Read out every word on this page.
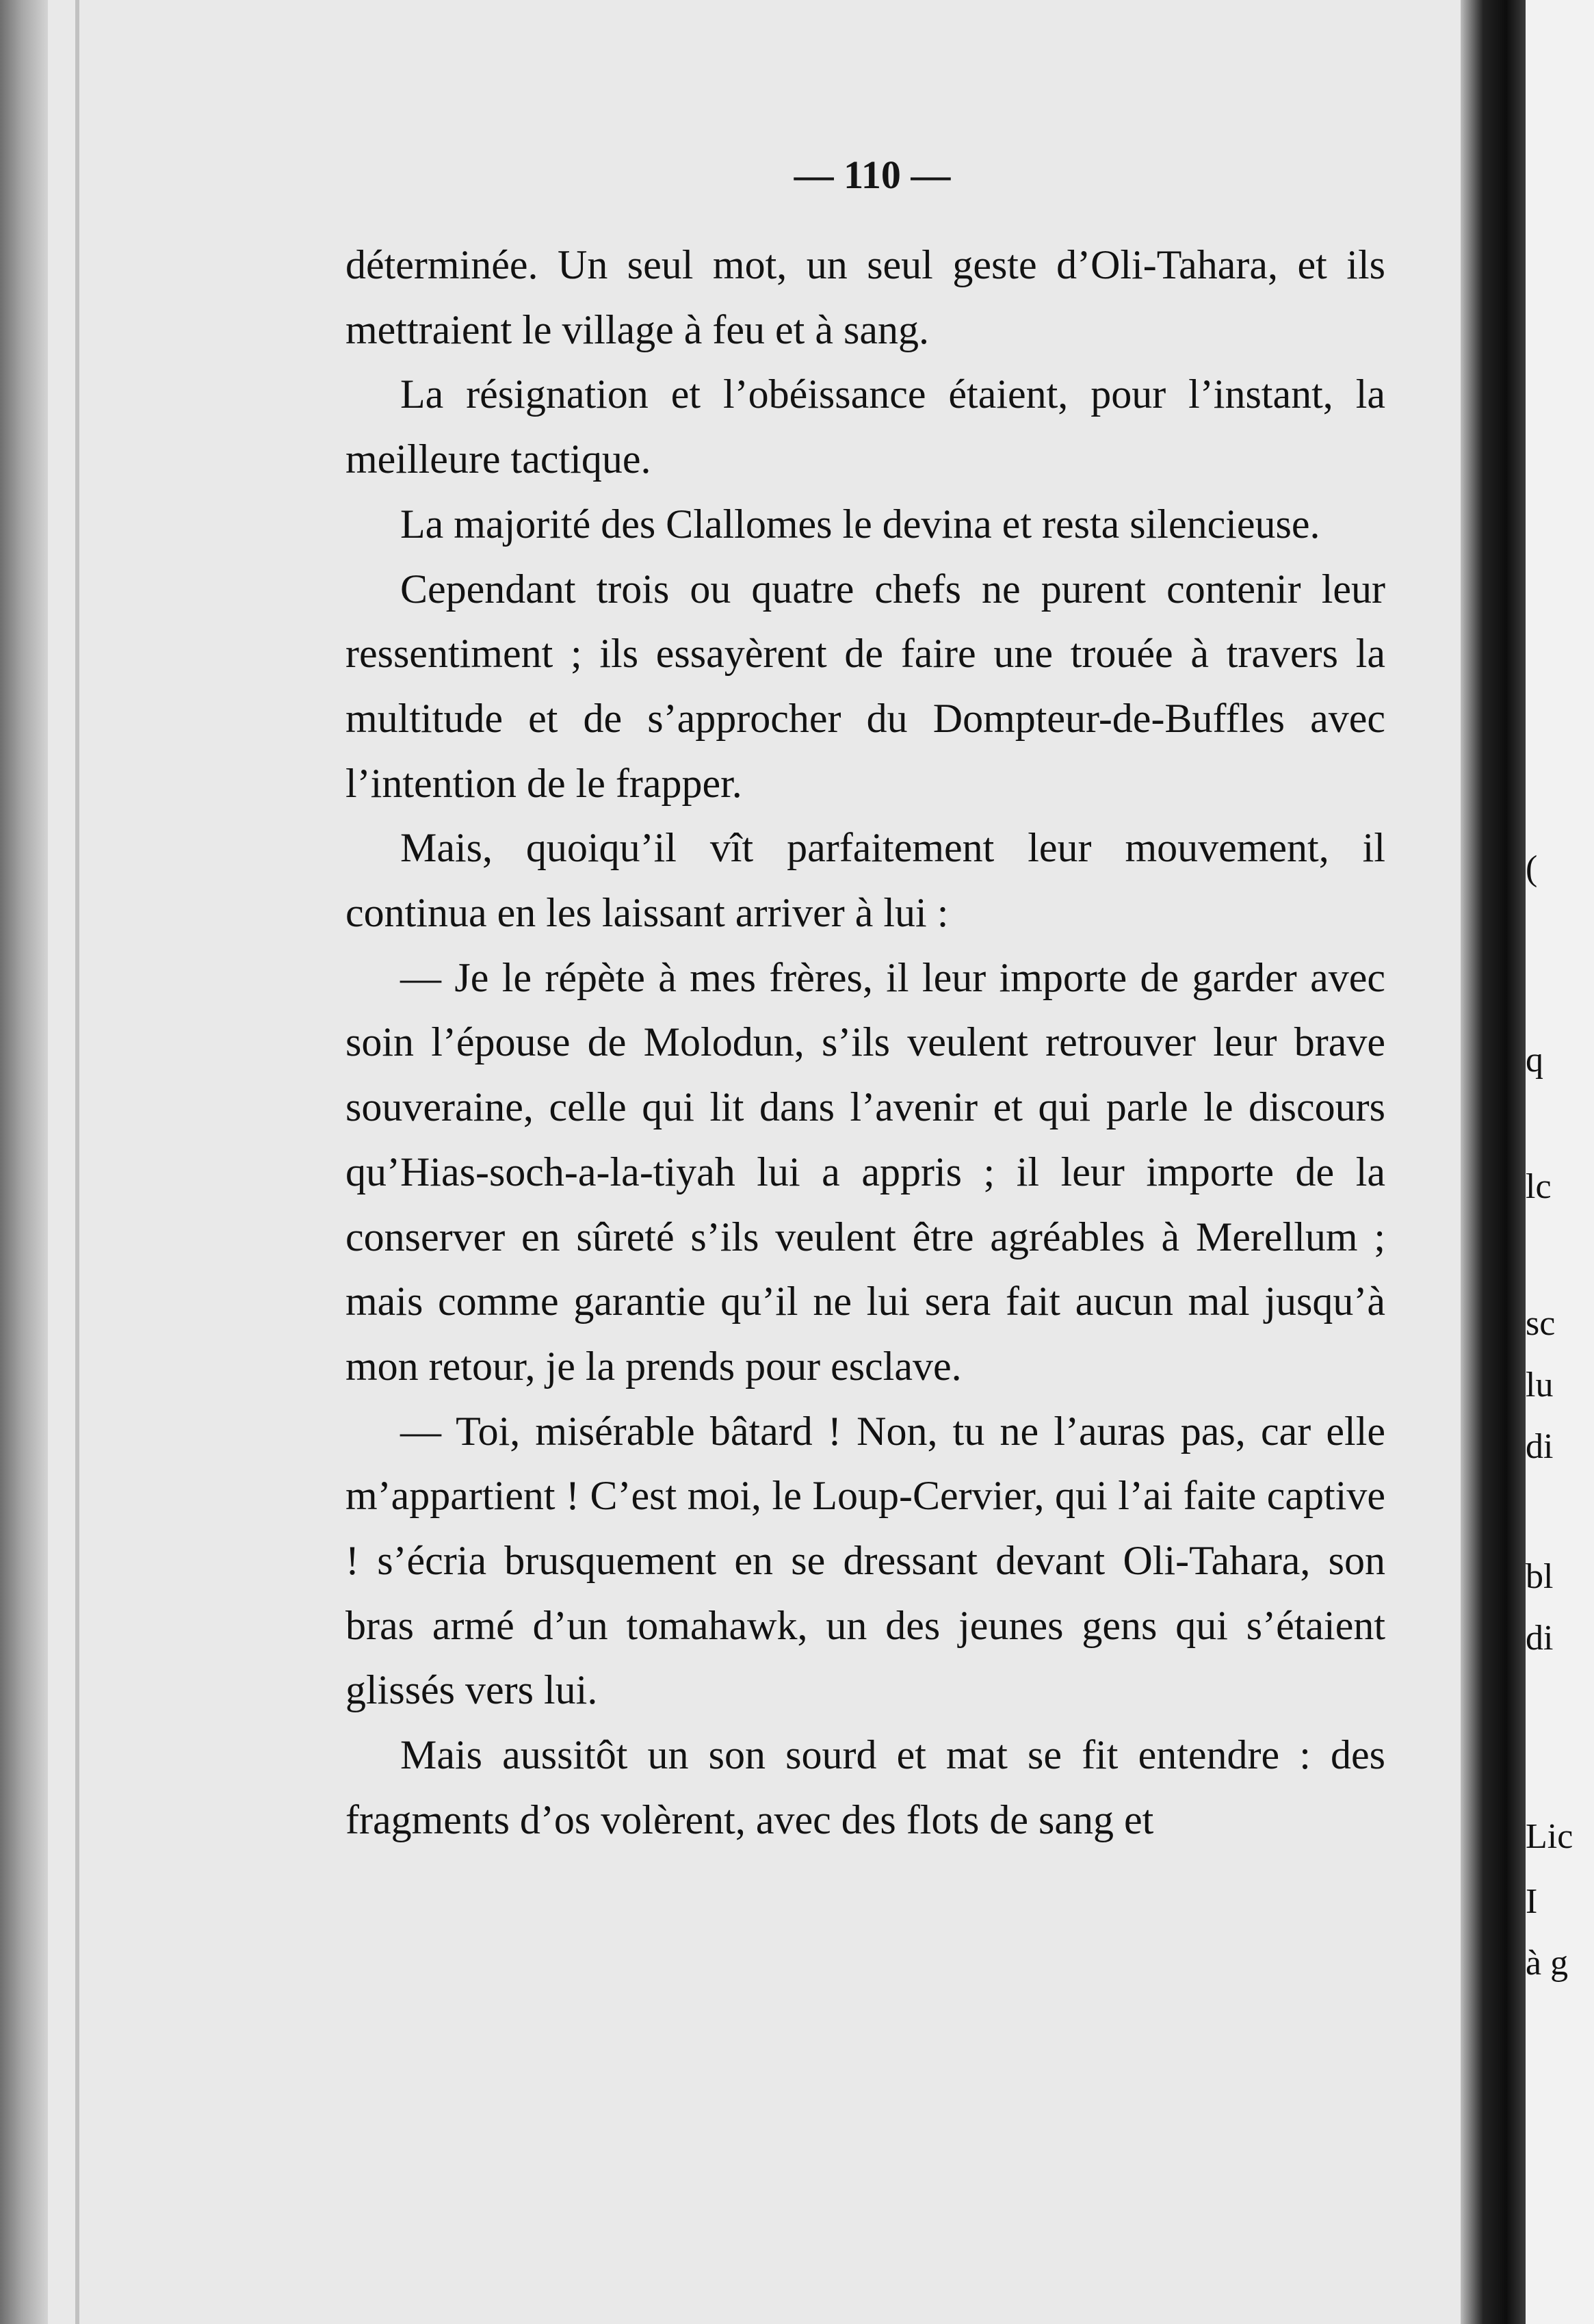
— 110 —

déterminée. Un seul mot, un seul geste d’Oli-Tahara, et ils mettraient le village à feu et à sang.

La résignation et l’obéissance étaient, pour l’instant, la meilleure tactique.

La majorité des Clallomes le devina et resta silencieuse.

Cependant trois ou quatre chefs ne purent contenir leur ressentiment ; ils essayèrent de faire une trouée à travers la multitude et de s’approcher du Dompteur-de-Buffles avec l’intention de le frapper.

Mais, quoiqu’il vît parfaitement leur mouvement, il continua en les laissant arriver à lui :

— Je le répète à mes frères, il leur importe de garder avec soin l’épouse de Molodun, s’ils veulent retrouver leur brave souveraine, celle qui lit dans l’avenir et qui parle le discours qu’Hias-soch-a-la-tiyah lui a appris ; il leur importe de la conserver en sûreté s’ils veulent être agréables à Merellum ; mais comme garantie qu’il ne lui sera fait aucun mal jusqu’à mon retour, je la prends pour esclave.

— Toi, misérable bâtard ! Non, tu ne l’auras pas, car elle m’appartient ! C’est moi, le Loup-Cervier, qui l’ai faite captive ! s’écria brusquement en se dressant devant Oli-Tahara, son bras armé d’un tomahawk, un des jeunes gens qui s’étaient glissés vers lui.

Mais aussitôt un son sourd et mat se fit entendre : des fragments d’os volèrent, avec des flots de sang et

(
q
lc
sc
lu
di
bl
di
Lic
I
à g
